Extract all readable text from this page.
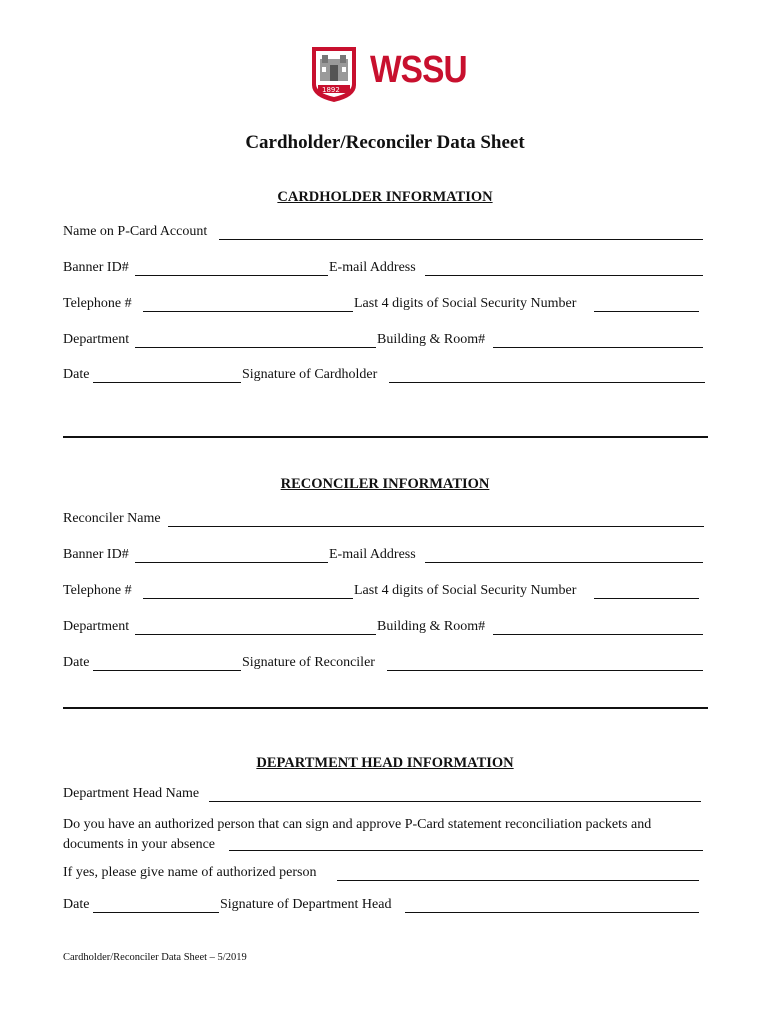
1892 WSSU
Cardholder/Reconciler Data Sheet
CARDHOLDER INFORMATION
Name on P-Card Account
Banner ID#	E-mail Address
Telephone #	Last 4 digits of Social Security Number
Department	Building & Room#
Date	Signature of Cardholder
RECONCILER INFORMATION
Reconciler Name
Banner ID#	E-mail Address
Telephone #	Last 4 digits of Social Security Number
Department	Building & Room#
Date	Signature of Reconciler
DEPARTMENT HEAD INFORMATION
Department Head Name
Do you have an authorized person that can sign and approve P-Card statement reconciliation packets and documents in your absence
If yes, please give name of authorized person
Date	Signature of Department Head
Cardholder/Reconciler Data Sheet – 5/2019
